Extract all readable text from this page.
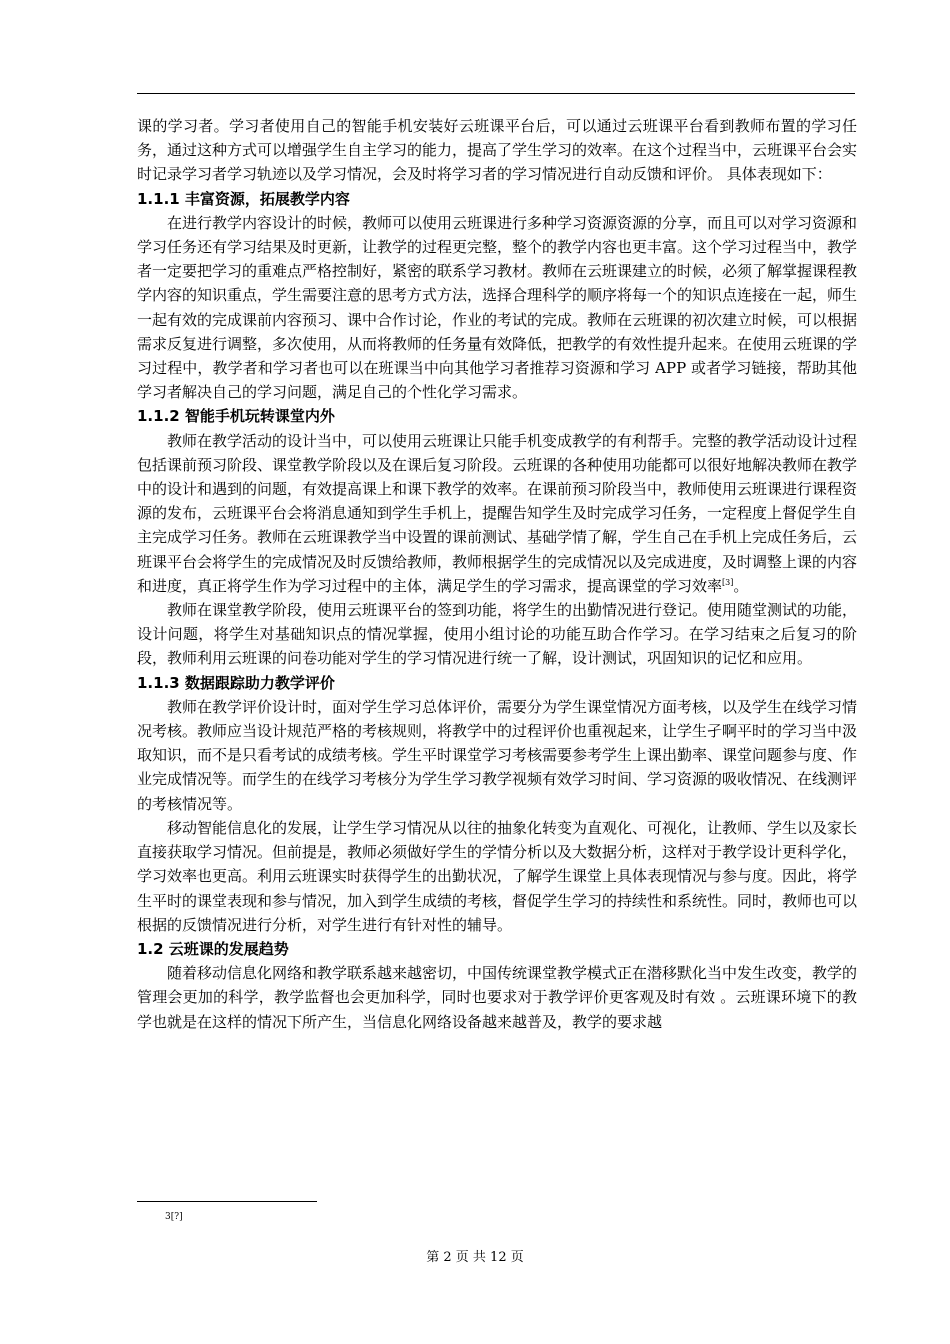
课的学习者。学习者使用自己的智能手机安装好云班课平台后，可以通过云班课平台看到教师布置的学习任务，通过这种方式可以增强学生自主学习的能力，提高了学生学习的效率。在这个过程当中，云班课平台会实时记录学习者学习轨迹以及学习情况，会及时将学习者的学习情况进行自动反馈和评价。 具体表现如下：

1.1.1 丰富资源，拓展教学内容

在进行教学内容设计的时候，教师可以使用云班课进行多种学习资源资源的分享，而且可以对学习资源和学习任务还有学习结果及时更新，让教学的过程更完整，整个的教学内容也更丰富。这个学习过程当中，教学者一定要把学习的重难点严格控制好，紧密的联系学习教材。教师在云班课建立的时候，必须了解掌握课程教学内容的知识重点，学生需要注意的思考方式方法，选择合理科学的顺序将每一个的知识点连接在一起，师生一起有效的完成课前内容预习、课中合作讨论，作业的考试的完成。教师在云班课的初次建立时候，可以根据需求反复进行调整，多次使用，从而将教师的任务量有效降低，把教学的有效性提升起来。在使用云班课的学习过程中，教学者和学习者也可以在班课当中向其他学习者推荐习资源和学习 APP 或者学习链接，帮助其他学习者解决自己的学习问题，满足自己的个性化学习需求。

1.1.2 智能手机玩转课堂内外

教师在教学活动的设计当中，可以使用云班课让只能手机变成教学的有利帮手。完整的教学活动设计过程包括课前预习阶段、课堂教学阶段以及在课后复习阶段。云班课的各种使用功能都可以很好地解决教师在教学中的设计和遇到的问题，有效提高课上和课下教学的效率。在课前预习阶段当中，教师使用云班课进行课程资源的发布，云班课平台会将消息通知到学生手机上，提醒告知学生及时完成学习任务，一定程度上督促学生自主完成学习任务。教师在云班课教学当中设置的课前测试、基础学情了解，学生自己在手机上完成任务后，云班课平台会将学生的完成情况及时反馈给教师，教师根据学生的完成情况以及完成进度，及时调整上课的内容和进度，真正将学生作为学习过程中的主体，满足学生的学习需求，提高课堂的学习效率[3]。

教师在课堂教学阶段，使用云班课平台的签到功能，将学生的出勤情况进行登记。使用随堂测试的功能，设计问题，将学生对基础知识点的情况掌握，使用小组讨论的功能互助合作学习。在学习结束之后复习的阶段，教师利用云班课的问卷功能对学生的学习情况进行统一了解，设计测试，巩固知识的记忆和应用。

1.1.3 数据跟踪助力教学评价

教师在教学评价设计时，面对学生学习总体评价，需要分为学生课堂情况方面考核，以及学生在线学习情况考核。教师应当设计规范严格的考核规则，将教学中的过程评价也重视起来，让学生孑啊平时的学习当中汲取知识，而不是只看考试的成绩考核。学生平时课堂学习考核需要参考学生上课出勤率、课堂问题参与度、作业完成情况等。而学生的在线学习考核分为学生学习教学视频有效学习时间、学习资源的吸收情况、在线测评的考核情况等。

移动智能信息化的发展，让学生学习情况从以往的抽象化转变为直观化、可视化，让教师、学生以及家长直接获取学习情况。但前提是，教师必须做好学生的学情分析以及大数据分析，这样对于教学设计更科学化，学习效率也更高。利用云班课实时获得学生的出勤状况，了解学生课堂上具体表现情况与参与度。因此，将学生平时的课堂表现和参与情况，加入到学生成绩的考核，督促学生学习的持续性和系统性。同时，教师也可以根据的反馈情况进行分析，对学生进行有针对性的辅导。

1.2 云班课的发展趋势

随着移动信息化网络和教学联系越来越密切，中国传统课堂教学模式正在潜移默化当中发生改变，教学的管理会更加的科学，教学监督也会更加科学，同时也要求对于教学评价更客观及时有效 。云班课环境下的教学也就是在这样的情况下所产生，当信息化网络设备越来越普及，教学的要求越

3[?]
第 2 页 共 12 页
